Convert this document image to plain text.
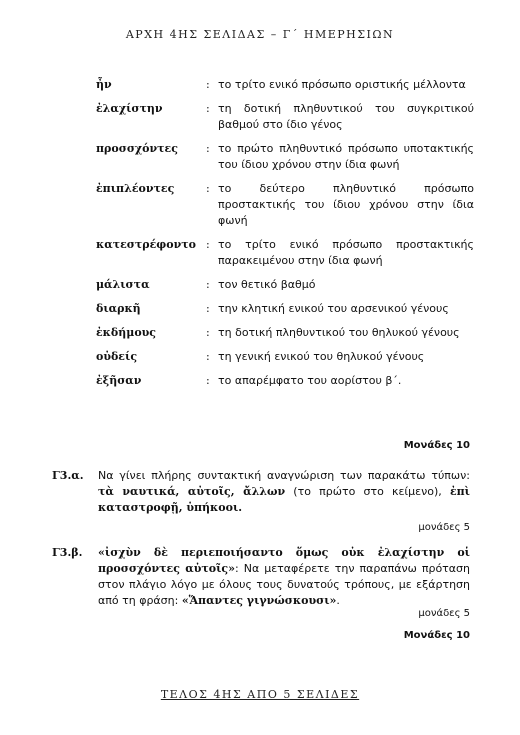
ΑΡΧΗ 4ΗΣ ΣΕΛΙΔΑΣ – Γ΄ ΗΜΕΡΗΣΙΩΝ
ἦν	: το τρίτο ενικό πρόσωπο οριστικής μέλλοντα
ἐλαχίστην	: τη δοτική πληθυντικού του συγκριτικού βαθμού στο ίδιο γένος
προσσχόντες	: το πρώτο πληθυντικό πρόσωπο υποτακτικής του ίδιου χρόνου στην ίδια φωνή
ἐπιπλέοντες	: το δεύτερο πληθυντικό πρόσωπο προστακτικής του ίδιου χρόνου στην ίδια φωνή
κατεστρέφοντο : το τρίτο ενικό πρόσωπο προστακτικής παρακειμένου στην ίδια φωνή
μάλιστα	: τον θετικό βαθμό
διαρκῆ	: την κλητική ενικού του αρσενικού γένους
ἐκδήμους	: τη δοτική πληθυντικού του θηλυκού γένους
οὐδείς	: τη γενική ενικού του θηλυκού γένους
ἐξῆσαν	: το απαρέμφατο του αορίστου β΄.
Μονάδες 10
Γ3.α.	Να γίνει πλήρης συντακτική αναγνώριση των παρακάτω τύπων: τὰ ναυτικά, αὐτοῖς, ἄλλων (το πρώτο στο κείμενο), ἐπὶ καταστροφῇ, ὑπήκοοι.
μονάδες 5
Γ3.β.	«ἰσχὺν δὲ περιεποιήσαντο ὅμως οὐκ ἐλαχίστην οἱ προσσχόντες αὐτοῖς»: Να μεταφέρετε την παραπάνω πρόταση στον πλάγιο λόγο με όλους τους δυνατούς τρόπους, με εξάρτηση από τη φράση: «Ἅπαντες γιγνώσκουσι».
μονάδες 5
Μονάδες 10
ΤΕΛΟΣ 4ΗΣ ΑΠΟ 5 ΣΕΛΙΔΕΣ
